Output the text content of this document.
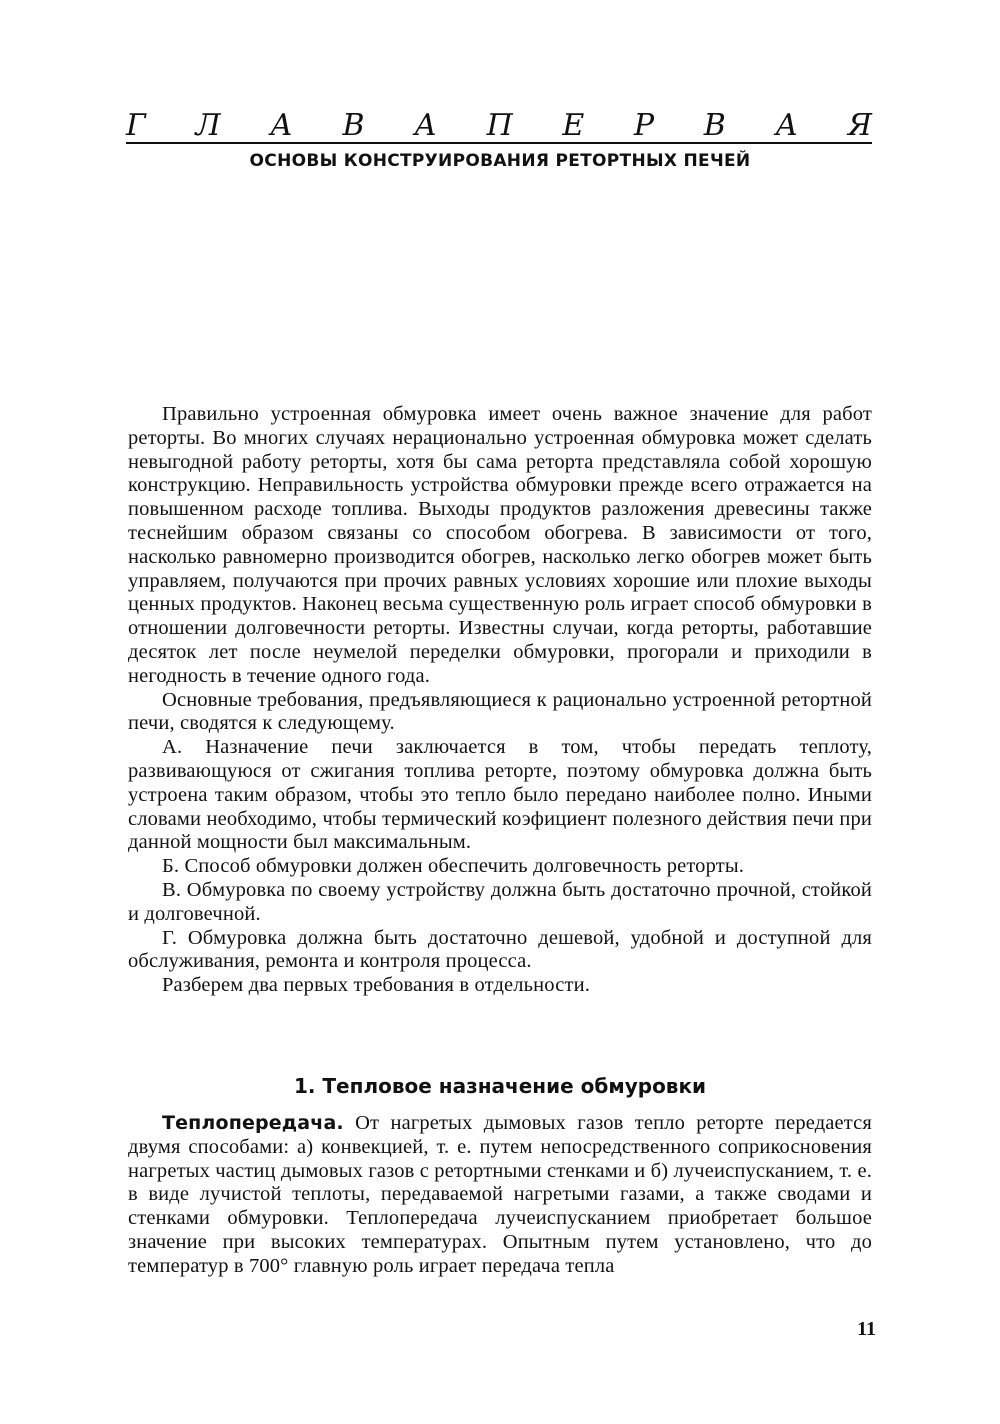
Г Л А В А П Е Р В А Я
ОСНОВЫ КОНСТРУИРОВАНИЯ РЕТОРТНЫХ ПЕЧЕЙ

Правильно устроенная обмуровка имеет очень важное значение для работ реторты. Во многих случаях нерационально устроенная обмуровка может сделать невыгодной работу реторты, хотя бы сама реторта представляла собой хорошую конструкцию. Неправильность устройства обмуровки прежде всего отражается на повышенном расходе топлива. Выходы продуктов разложения древесины также теснейшим образом связаны со способом обогрева. В зависимости от того, насколько равномерно производится обогрев, насколько легко обогрев может быть управляем, получаются при прочих равных условиях хорошие или плохие выходы ценных продуктов. Наконец весьма существенную роль играет способ обмуровки в отношении долговечности реторты. Известны случаи, когда реторты, работавшие десяток лет после неумелой переделки обмуровки, прогорали и приходили в негодность в течение одного года.

Основные требования, предъявляющиеся к рационально устроенной ретортной печи, сводятся к следующему.

А. Назначение печи заключается в том, чтобы передать теплоту, развивающуюся от сжигания топлива реторте, поэтому обмуровка должна быть устроена таким образом, чтобы это тепло было передано наиболее полно. Иными словами необходимо, чтобы термический коэфициент полезного действия печи при данной мощности был максимальным.

Б. Способ обмуровки должен обеспечить долговечность реторты.

В. Обмуровка по своему устройству должна быть достаточно прочной, стойкой и долговечной.

Г. Обмуровка должна быть достаточно дешевой, удобной и доступной для обслуживания, ремонта и контроля процесса.

Разберем два первых требования в отдельности.

1. Тепловое назначение обмуровки

Теплопередача. От нагретых дымовых газов тепло реторте передается двумя способами: а) конвекцией, т. е. путем непосредственного соприкосновения нагретых частиц дымовых газов с ретортными стенками и б) лучеиспусканием, т. е. в виде лучистой теплоты, передаваемой нагретыми газами, а также сводами и стенками обмуровки. Теплопередача лучеиспусканием приобретает большое значение при высоких температурах. Опытным путем установлено, что до температур в 700° главную роль играет передача тепла

11
